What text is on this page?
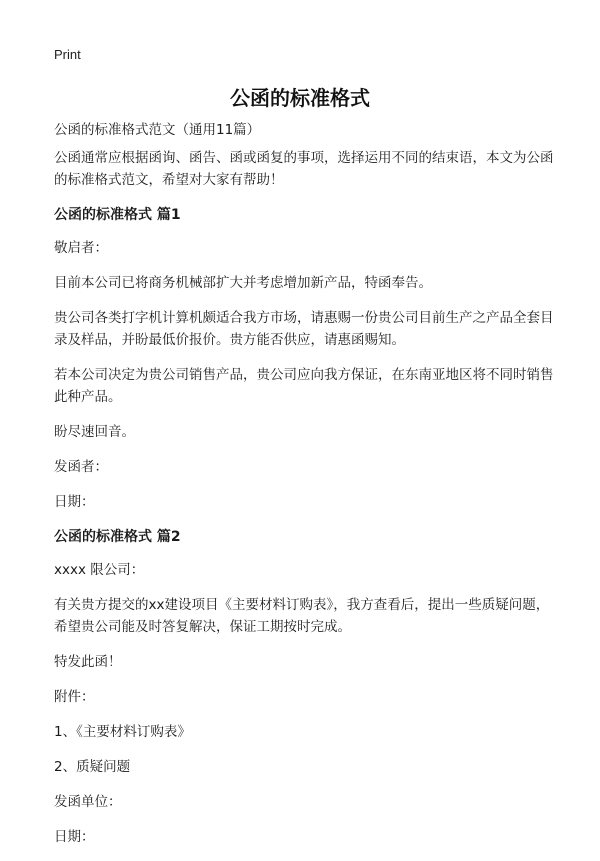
Print
公函的标准格式
公函的标准格式范文（通用11篇）

公函通常应根据函询、函告、函或函复的事项，选择运用不同的结束语，本文为公函的标准格式范文，希望对大家有帮助！

公函的标准格式 篇1

敬启者：

目前本公司已将商务机械部扩大并考虑增加新产品，特函奉告。

贵公司各类打字机计算机颇适合我方市场，请惠赐一份贵公司目前生产之产品全套目录及样品，并盼最低价报价。贵方能否供应，请惠函赐知。

若本公司决定为贵公司销售产品，贵公司应向我方保证，在东南亚地区将不同时销售此种产品。

盼尽速回音。

发函者：

日期：

公函的标准格式 篇2

xxxx 限公司：

有关贵方提交的xx建设项目《主要材料订购表》，我方查看后，提出一些质疑问题，希望贵公司能及时答复解决，保证工期按时完成。

特发此函！

附件：

1、《主要材料订购表》

2、质疑问题

发函单位：

日期：
